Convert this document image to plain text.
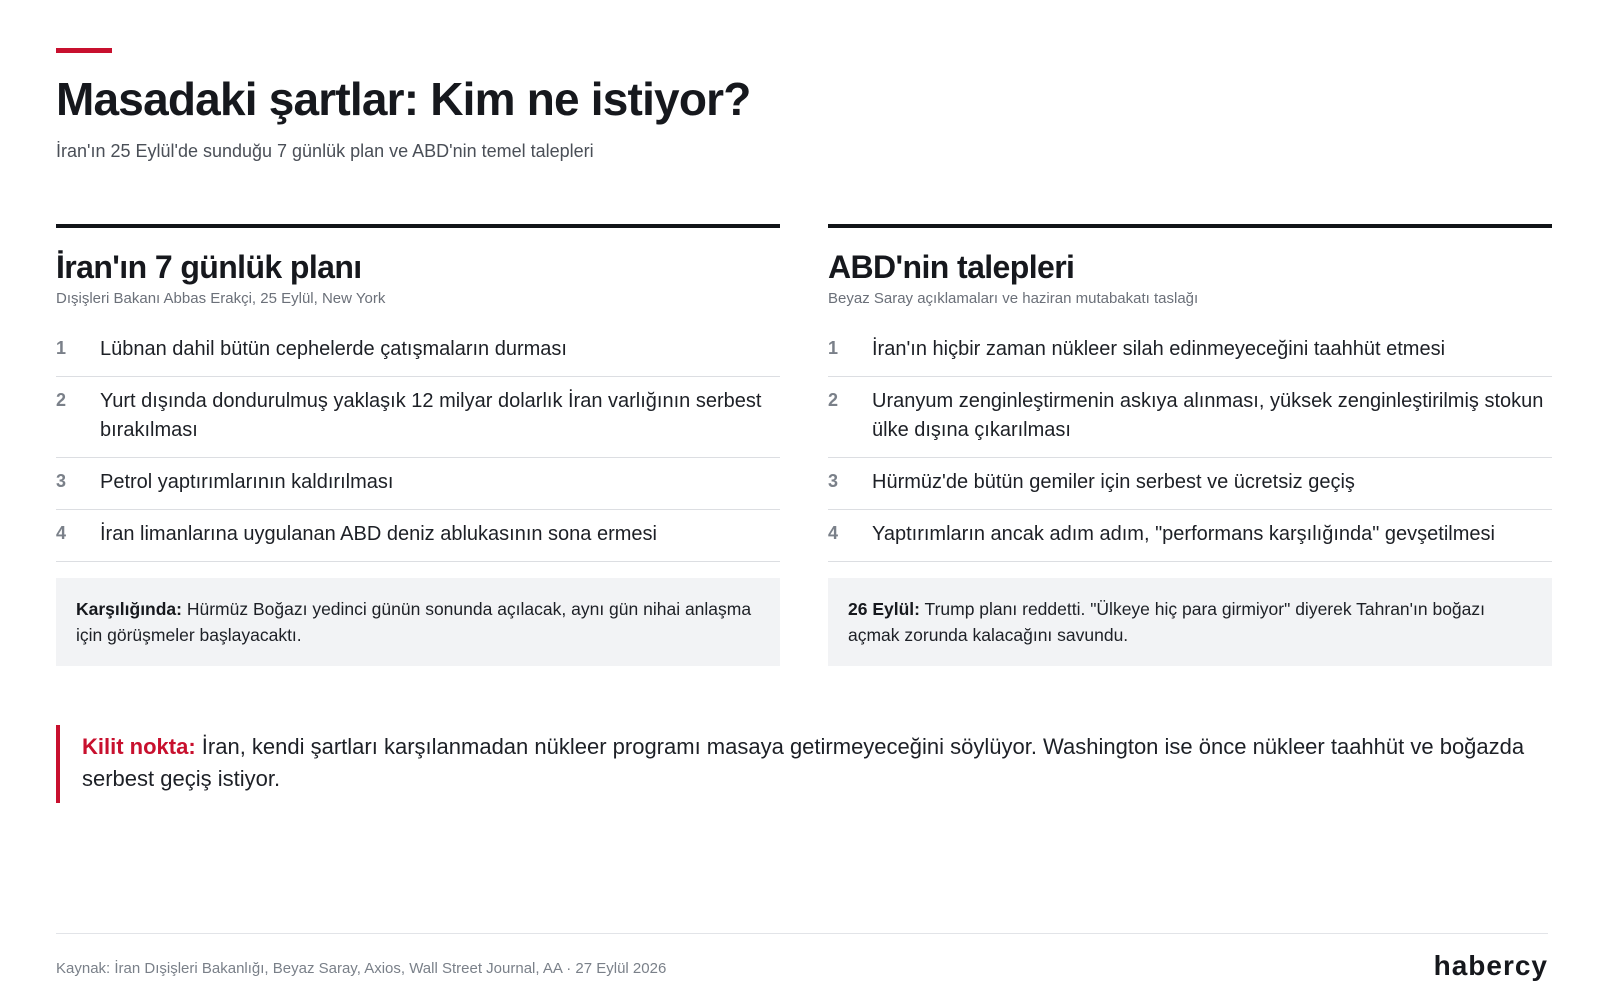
Masadaki şartlar: Kim ne istiyor?

İran'ın 25 Eylül'de sunduğu 7 günlük plan ve ABD'nin temel talepleri

İran'ın 7 günlük planı

Dışişleri Bakanı Abbas Erakçi, 25 Eylül, New York

1	Lübnan dahil bütün cephelerde çatışmaların durması
2	Yurt dışında dondurulmuş yaklaşık 12 milyar dolarlık İran varlığının serbest bırakılması
3	Petrol yaptırımlarının kaldırılması
4	İran limanlarına uygulanan ABD deniz ablukasının sona ermesi
Karşılığında: Hürmüz Boğazı yedinci günün sonunda açılacak, aynı gün nihai anlaşma için görüşmeler başlayacaktı.
ABD'nin talepleri

Beyaz Saray açıklamaları ve haziran mutabakatı taslağı

1	İran'ın hiçbir zaman nükleer silah edinmeyeceğini taahhüt etmesi
2	Uranyum zenginleştirmenin askıya alınması, yüksek zenginleştirilmiş stokun ülke dışına çıkarılması
3	Hürmüz'de bütün gemiler için serbest ve ücretsiz geçiş
4	Yaptırımların ancak adım adım, "performans karşılığında" gevşetilmesi
26 Eylül: Trump planı reddetti. "Ülkeye hiç para girmiyor" diyerek Tahran'ın boğazı açmak zorunda kalacağını savundu.
Kilit nokta: İran, kendi şartları karşılanmadan nükleer programı masaya getirmeyeceğini söylüyor. Washington ise önce nükleer taahhüt ve boğazda serbest geçiş istiyor.

Kaynak: İran Dışişleri Bakanlığı, Beyaz Saray, Axios, Wall Street Journal, AA · 27 Eylül 2026	habercy
